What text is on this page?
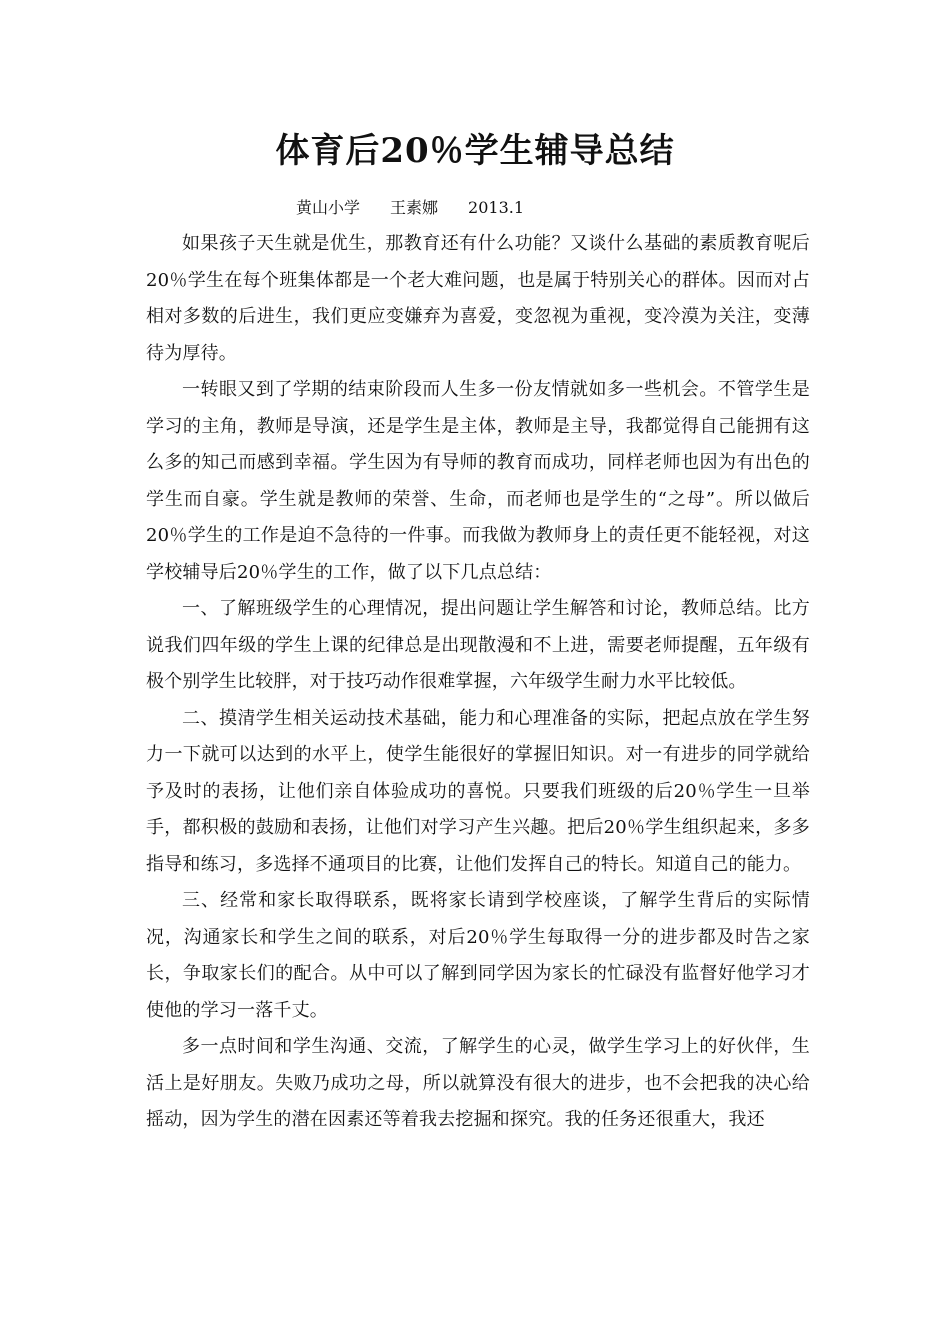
体育后20％学生辅导总结
黄山小学 王素娜 2013.1

如果孩子天生就是优生，那教育还有什么功能？又谈什么基础的素质教育呢后20％学生在每个班集体都是一个老大难问题，也是属于特别关心的群体。因而对占相对多数的后进生，我们更应变嫌弃为喜爱，变忽视为重视，变冷漠为关注，变薄待为厚待。

一转眼又到了学期的结束阶段而人生多一份友情就如多一些机会。不管学生是学习的主角，教师是导演，还是学生是主体，教师是主导，我都觉得自己能拥有这么多的知己而感到幸福。学生因为有导师的教育而成功，同样老师也因为有出色的学生而自豪。学生就是教师的荣誉、生命，而老师也是学生的“之母”。所以做后20％学生的工作是迫不急待的一件事。而我做为教师身上的责任更不能轻视，对这学校辅导后20％学生的工作，做了以下几点总结：

一、了解班级学生的心理情况，提出问题让学生解答和讨论，教师总结。比方说我们四年级的学生上课的纪律总是出现散漫和不上进，需要老师提醒，五年级有极个别学生比较胖，对于技巧动作很难掌握，六年级学生耐力水平比较低。

二、摸清学生相关运动技术基础，能力和心理准备的实际，把起点放在学生努力一下就可以达到的水平上，使学生能很好的掌握旧知识。对一有进步的同学就给予及时的表扬，让他们亲自体验成功的喜悦。只要我们班级的后20％学生一旦举手，都积极的鼓励和表扬，让他们对学习产生兴趣。把后20％学生组织起来，多多指导和练习，多选择不通项目的比赛，让他们发挥自己的特长。知道自己的能力。

三、经常和家长取得联系，既将家长请到学校座谈，了解学生背后的实际情况，沟通家长和学生之间的联系，对后20％学生每取得一分的进步都及时告之家长，争取家长们的配合。从中可以了解到同学因为家长的忙碌没有监督好他学习才使他的学习一落千丈。

多一点时间和学生沟通、交流，了解学生的心灵，做学生学习上的好伙伴，生活上是好朋友。失败乃成功之母，所以就算没有很大的进步，也不会把我的决心给摇动，因为学生的潜在因素还等着我去挖掘和探究。我的任务还很重大，我还
